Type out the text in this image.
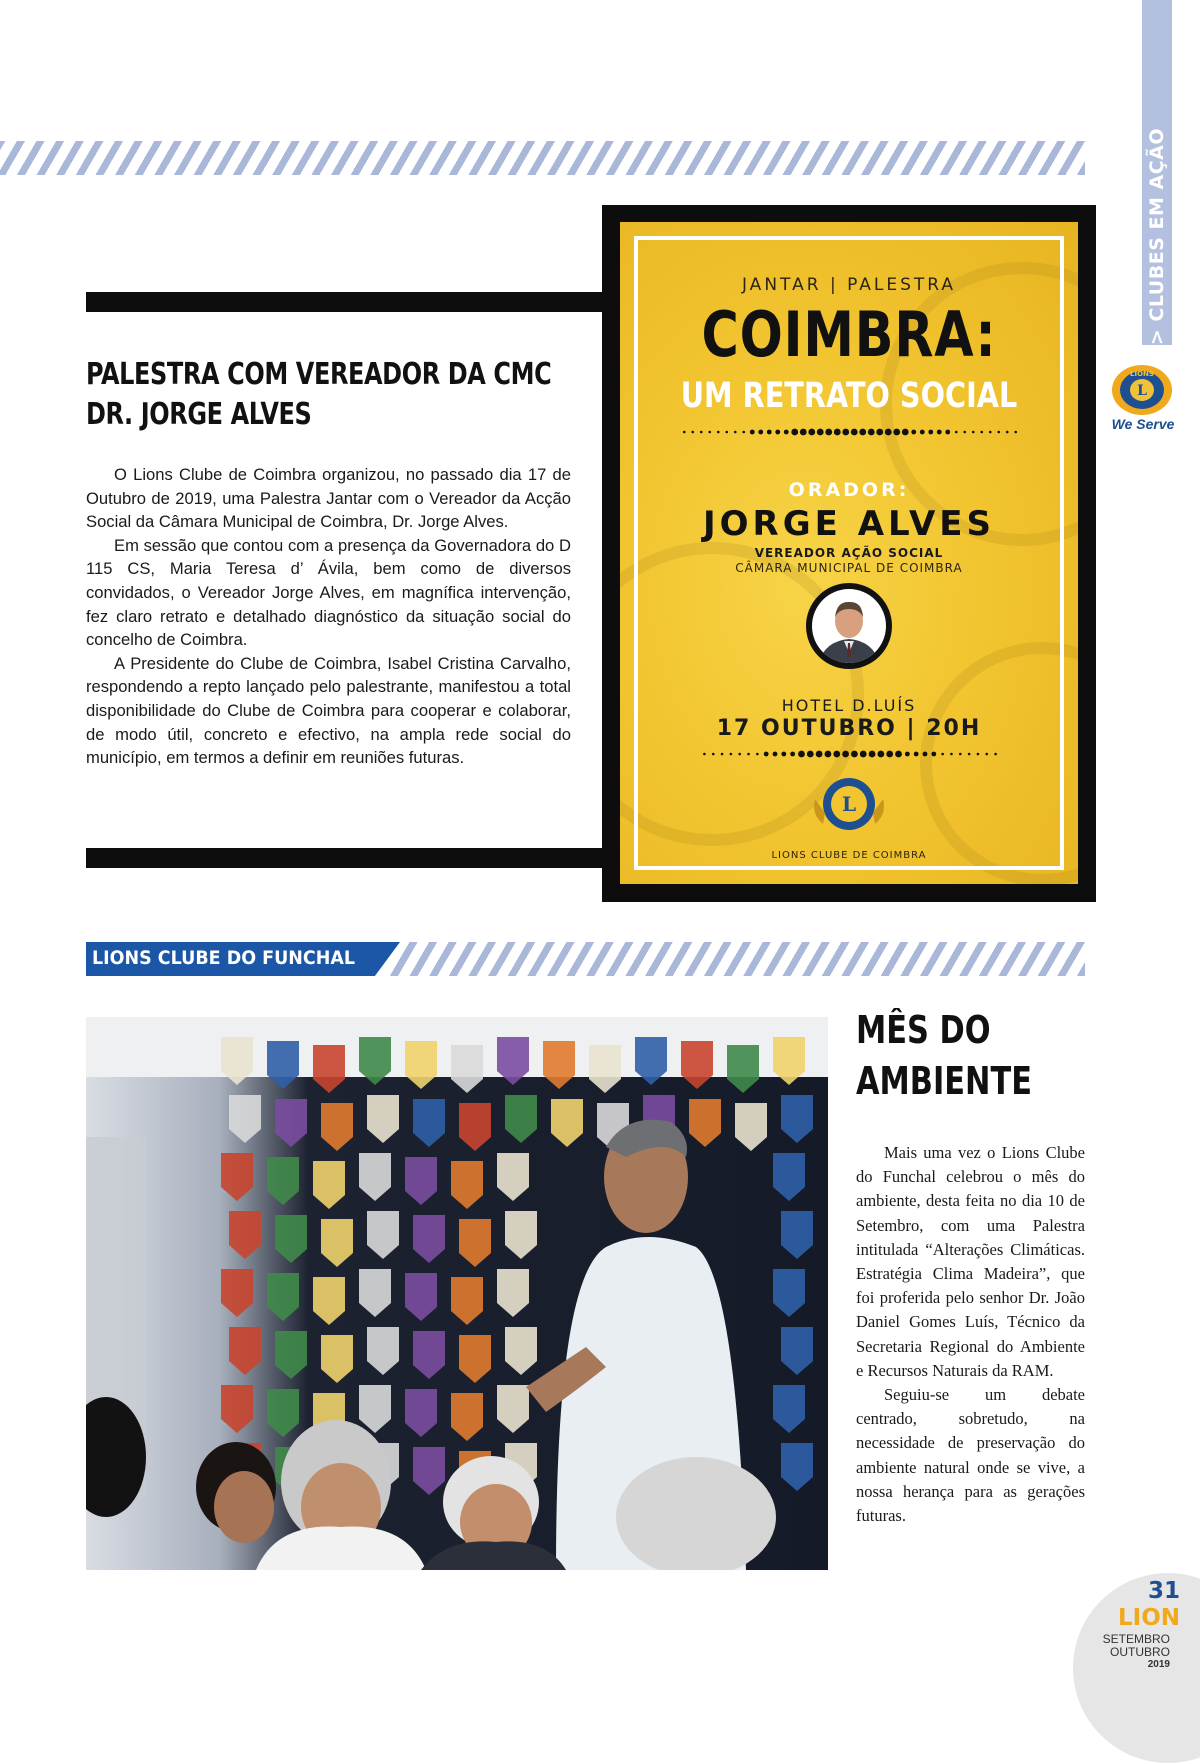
> CLUBES EM AÇÃO
L
LIONS
We Serve
PALESTRA COM VEREADOR DA CMC
DR. JORGE ALVES

O Lions Clube de Coimbra organizou, no passado dia 17 de Outubro de 2019, uma Palestra Jantar com o Vereador da Acção Social da Câmara Municipal de Coimbra, Dr. Jorge Alves.

Em sessão que contou com a presença da Governadora do D 115 CS, Maria Teresa d’ Ávila, bem como de diversos convidados, o Vereador Jorge Alves, em magnífica intervenção, fez claro retrato e detalhado diagnóstico da situação social do concelho de Coimbra.

A Presidente do Clube de Coimbra, Isabel Cristina Carvalho, respondendo a repto lançado pelo palestrante, manifestou a total disponibilidade do Clube de Coimbra para cooperar e colaborar, de modo útil, concreto e efectivo, na ampla rede social do município, em termos a definir em reuniões futuras.

JANTAR | PALESTRA
COIMBRA:
UM RETRATO SOCIAL
ORADOR:
JORGE ALVES
VEREADOR AÇÃO SOCIAL
CÂMARA MUNICIPAL DE COIMBRA
HOTEL D.LUÍS
17 OUTUBRO | 20H
L
LIONS CLUBE DE COIMBRA
LIONS CLUBE DO FUNCHAL
MÊS DO
AMBIENTE

Mais uma vez o Lions Clube do Funchal celebrou o mês do ambiente, desta feita no dia 10 de Setembro, com uma Palestra intitulada “Alterações Climáticas. Estratégia Clima Madeira”, que foi proferida pelo senhor Dr. João Daniel Gomes Luís, Técnico da Secretaria Regional do Ambiente e Recursos Naturais da RAM.

Seguiu-se um debate centrado, sobretudo, na necessidade de preservação do ambiente natural onde se vive, a nossa herança para as gerações futuras.

31
LION
SETEMBRO
OUTUBRO
2019
